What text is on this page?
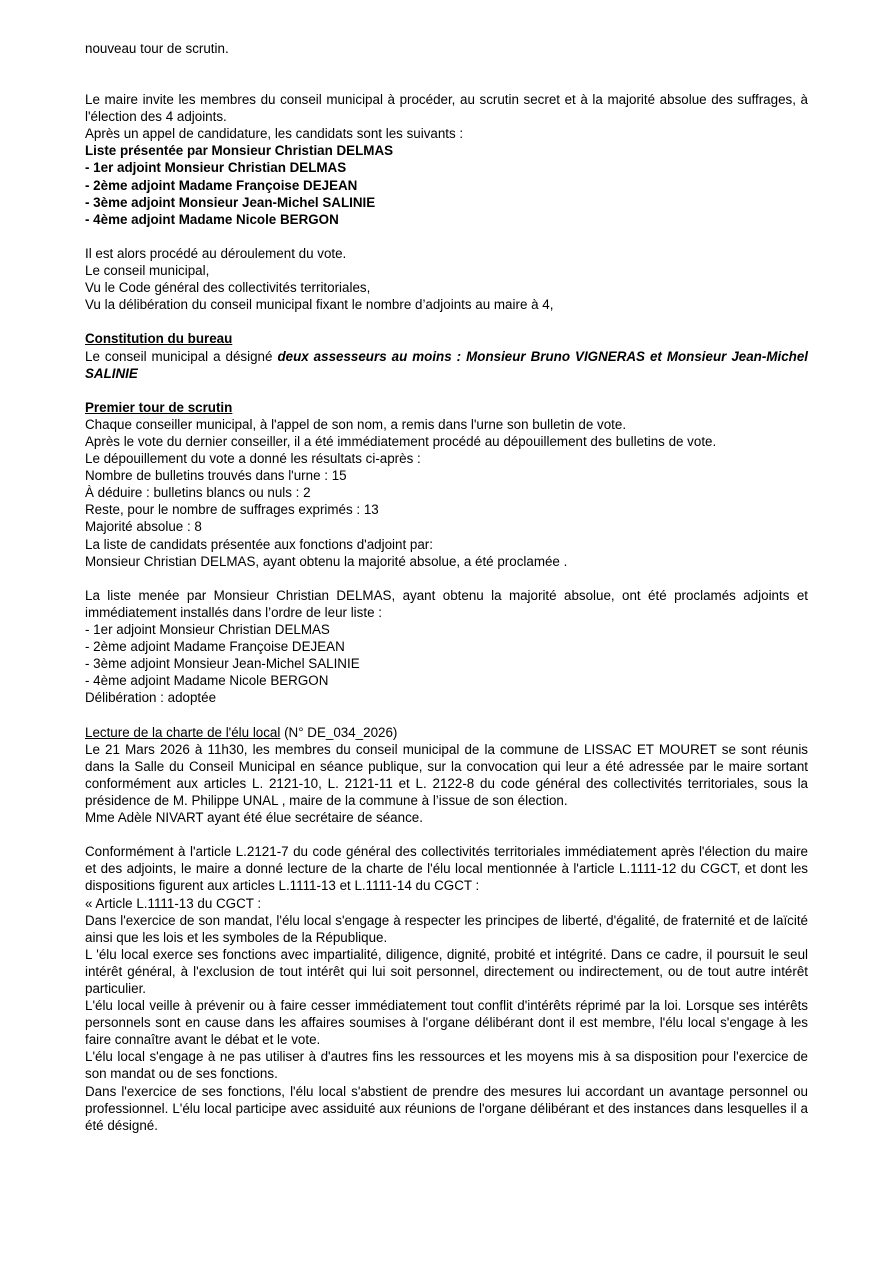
nouveau tour de scrutin.

Le maire invite les membres du conseil municipal à procéder, au scrutin secret et à la majorité absolue des suffrages, à l'élection des 4 adjoints.

Après un appel de candidature, les candidats sont les suivants :

Liste présentée par Monsieur Christian DELMAS

- 1er adjoint Monsieur Christian DELMAS

- 2ème adjoint Madame Françoise DEJEAN

- 3ème adjoint Monsieur Jean-Michel SALINIE

- 4ème adjoint Madame Nicole BERGON

Il est alors procédé au déroulement du vote.

Le conseil municipal,

Vu le Code général des collectivités territoriales,

Vu la délibération du conseil municipal fixant le nombre d’adjoints au maire à 4,

Constitution du bureau

Le conseil municipal a désigné deux assesseurs au moins : Monsieur Bruno VIGNERAS et Monsieur Jean-Michel SALINIE

Premier tour de scrutin

Chaque conseiller municipal, à l'appel de son nom, a remis dans l'urne son bulletin de vote.

Après le vote du dernier conseiller, il a été immédiatement procédé au dépouillement des bulletins de vote.

Le dépouillement du vote a donné les résultats ci-après :

Nombre de bulletins trouvés dans l'urne : 15

À déduire : bulletins blancs ou nuls : 2

Reste, pour le nombre de suffrages exprimés : 13

Majorité absolue : 8

La liste de candidats présentée aux fonctions d'adjoint par:

Monsieur Christian DELMAS, ayant obtenu la majorité absolue, a été proclamée .

La liste menée par Monsieur Christian DELMAS, ayant obtenu la majorité absolue, ont été proclamés adjoints et immédiatement installés dans l’ordre de leur liste :

- 1er adjoint Monsieur Christian DELMAS

- 2ème adjoint Madame Françoise DEJEAN

- 3ème adjoint Monsieur Jean-Michel SALINIE

- 4ème adjoint Madame Nicole BERGON

Délibération : adoptée

Lecture de la charte de l'élu local (N° DE_034_2026)

Le 21 Mars 2026 à 11h30, les membres du conseil municipal de la commune de LISSAC ET MOURET se sont réunis dans la Salle du Conseil Municipal en séance publique, sur la convocation qui leur a été adressée par le maire sortant conformément aux articles L. 2121-10, L. 2121-11 et L. 2122-8 du code général des collectivités territoriales, sous la présidence de M. Philippe UNAL , maire de la commune à l’issue de son élection.

Mme Adèle NIVART ayant été élue secrétaire de séance.

Conformément à l'article L.2121-7 du code général des collectivités territoriales immédiatement après l'élection du maire et des adjoints, le maire a donné lecture de la charte de l'élu local mentionnée à l'article L.1111-12 du CGCT, et dont les dispositions figurent aux articles L.1111-13 et L.1111-14 du CGCT :

« Article L.1111-13 du CGCT :

Dans l'exercice de son mandat, l'élu local s'engage à respecter les principes de liberté, d'égalité, de fraternité et de laïcité ainsi que les lois et les symboles de la République.

L 'élu local exerce ses fonctions avec impartialité, diligence, dignité, probité et intégrité. Dans ce cadre, il poursuit le seul intérêt général, à l'exclusion de tout intérêt qui lui soit personnel, directement ou indirectement, ou de tout autre intérêt particulier.

L'élu local veille à prévenir ou à faire cesser immédiatement tout conflit d'intérêts réprimé par la loi. Lorsque ses intérêts personnels sont en cause dans les affaires soumises à l'organe délibérant dont il est membre, l'élu local s'engage à les faire connaître avant le débat et le vote.

L'élu local s'engage à ne pas utiliser à d'autres fins les ressources et les moyens mis à sa disposition pour l'exercice de son mandat ou de ses fonctions.

Dans l'exercice de ses fonctions, l'élu local s'abstient de prendre des mesures lui accordant un avantage personnel ou professionnel. L'élu local participe avec assiduité aux réunions de l'organe délibérant et des instances dans lesquelles il a été désigné.
